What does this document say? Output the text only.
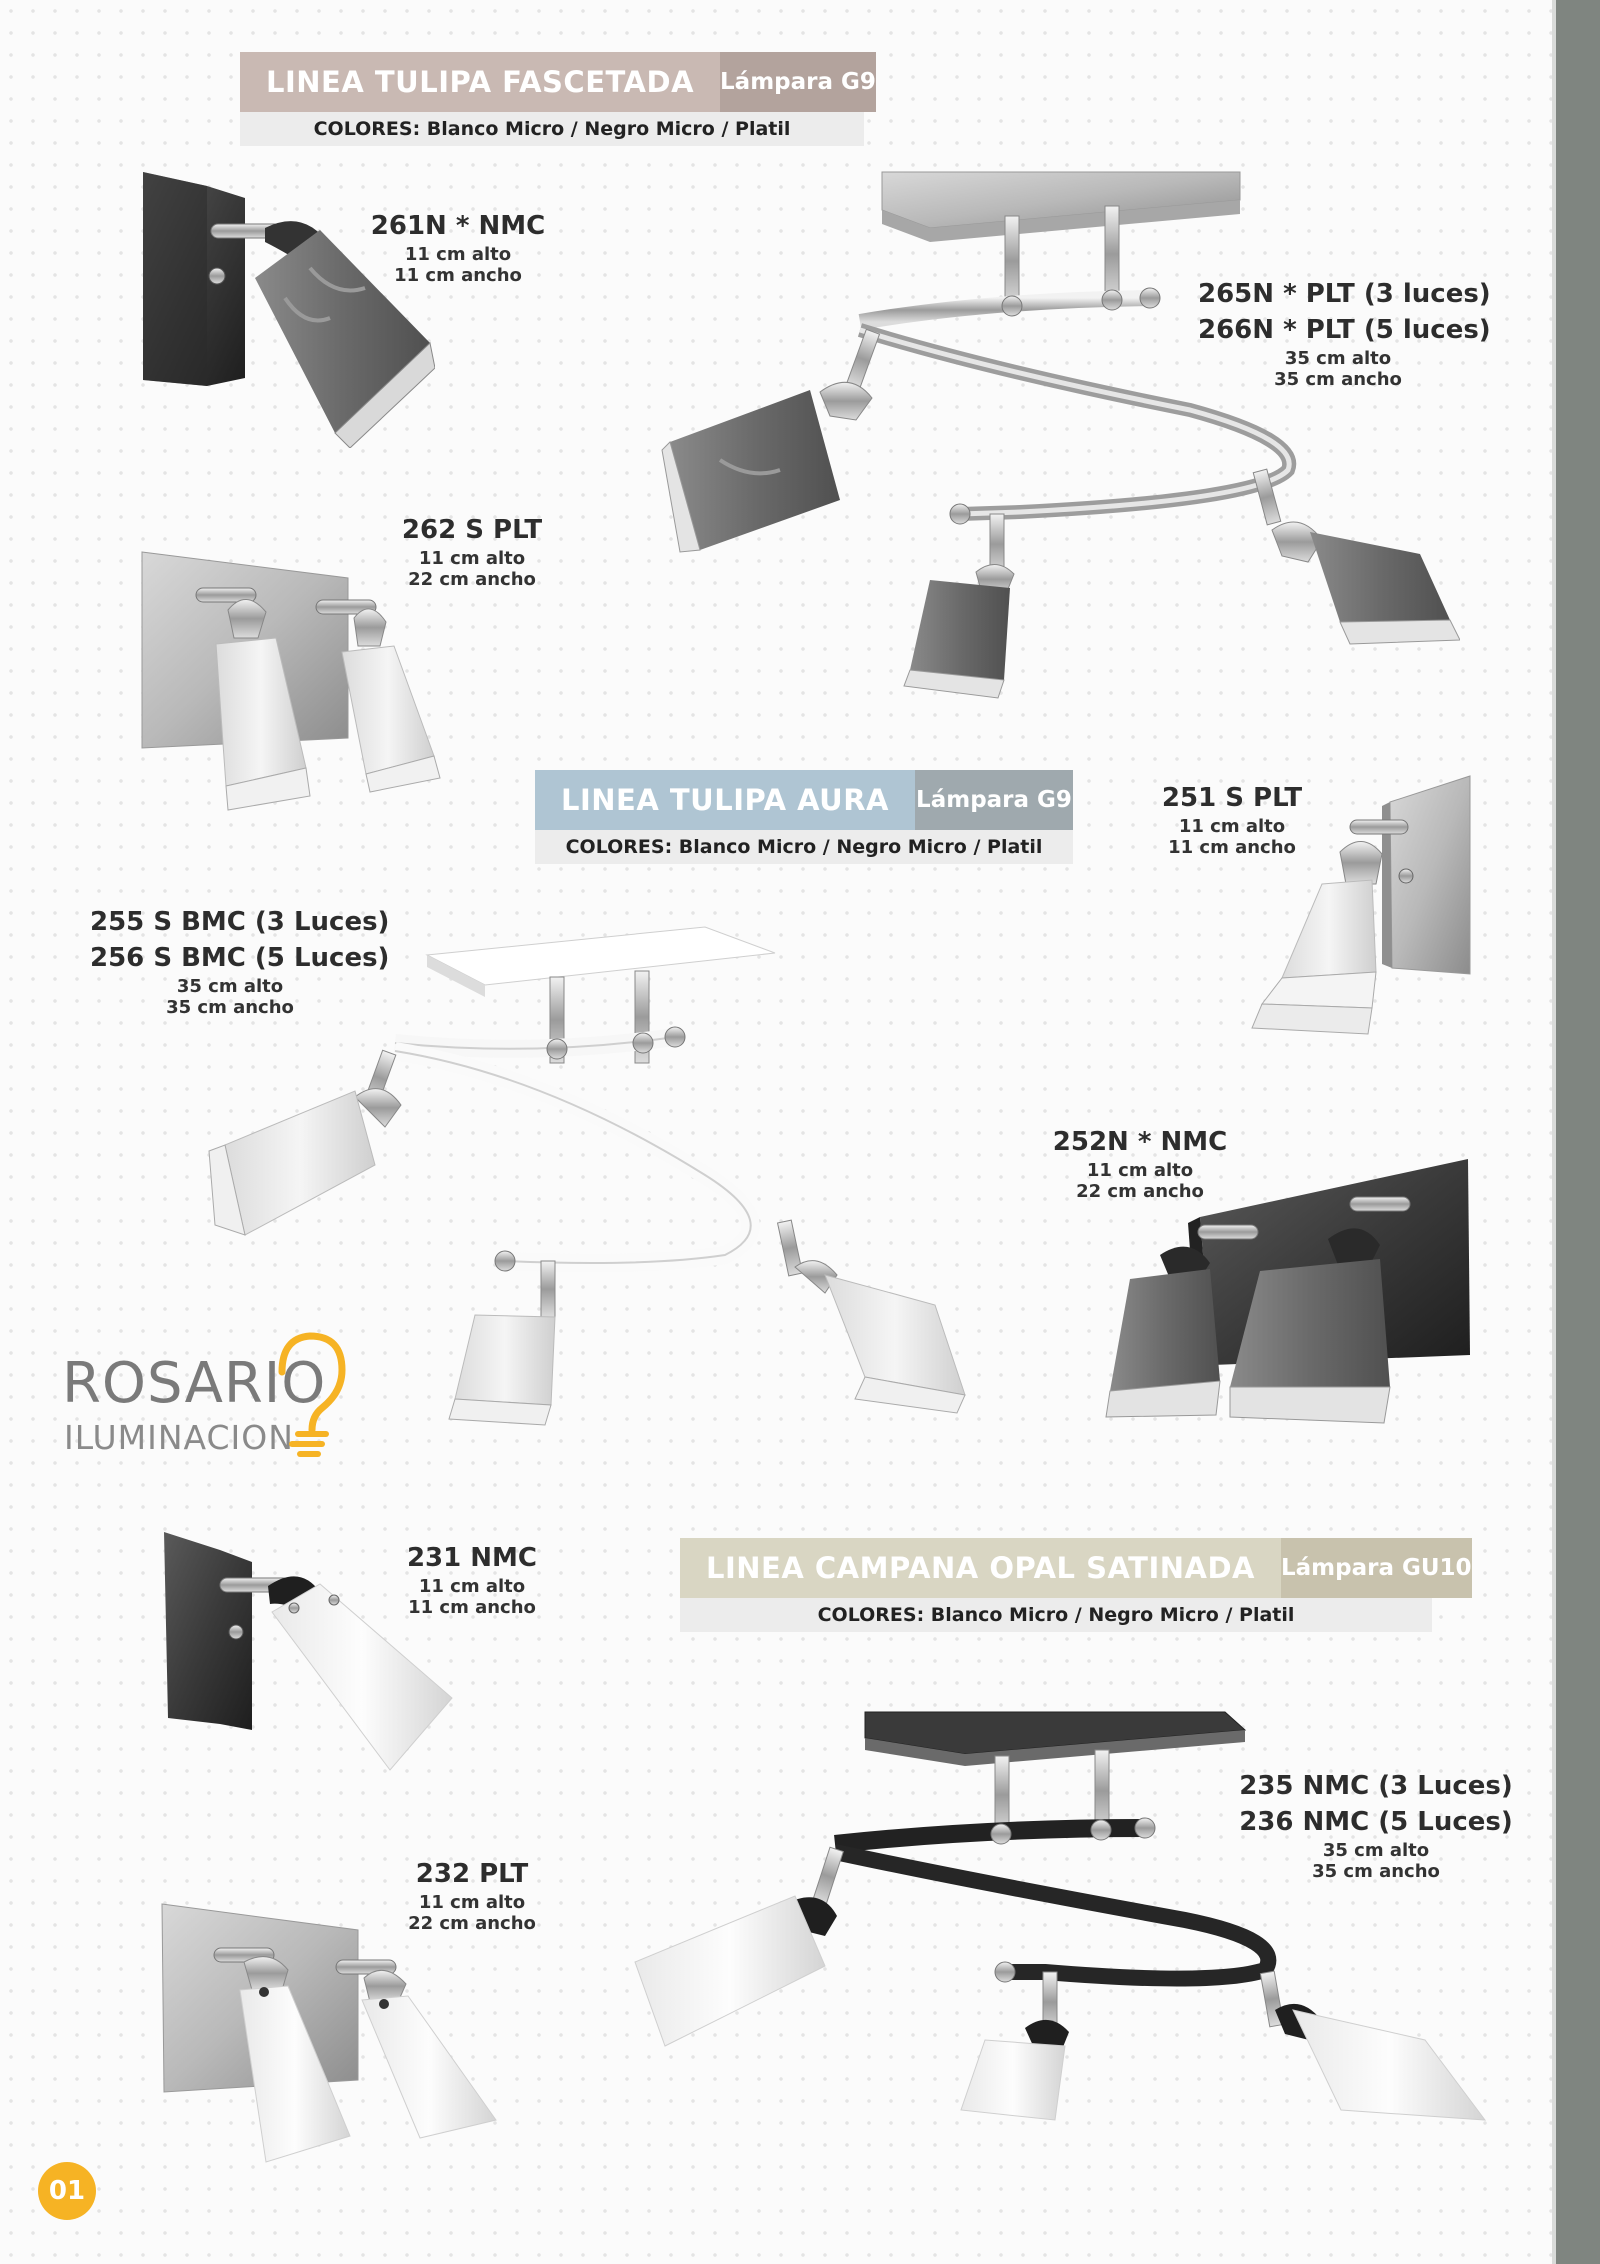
LINEA TULIPA FASCETADA	Lámpara G9
COLORES: Blanco Micro / Negro Micro / Platil
LINEA TULIPA AURA	Lámpara G9
COLORES: Blanco Micro / Negro Micro / Platil
LINEA CAMPANA OPAL SATINADA	Lámpara GU10
COLORES: Blanco Micro / Negro Micro / Platil
ROSARIO
ILUMINACION
261N * NMC
11 cm alto
11 cm ancho
265N * PLT (3 luces)
266N * PLT (5 luces)
35 cm alto
35 cm ancho
262 S PLT
11 cm alto
22 cm ancho
251 S PLT
11 cm alto
11 cm ancho
255 S BMC (3 Luces)
256 S BMC (5 Luces)
35 cm alto
35 cm ancho
252N * NMC
11 cm alto
22 cm ancho
231 NMC
11 cm alto
11 cm ancho
235 NMC (3 Luces)
236 NMC (5 Luces)
35 cm alto
35 cm ancho
232 PLT
11 cm alto
22 cm ancho
01
